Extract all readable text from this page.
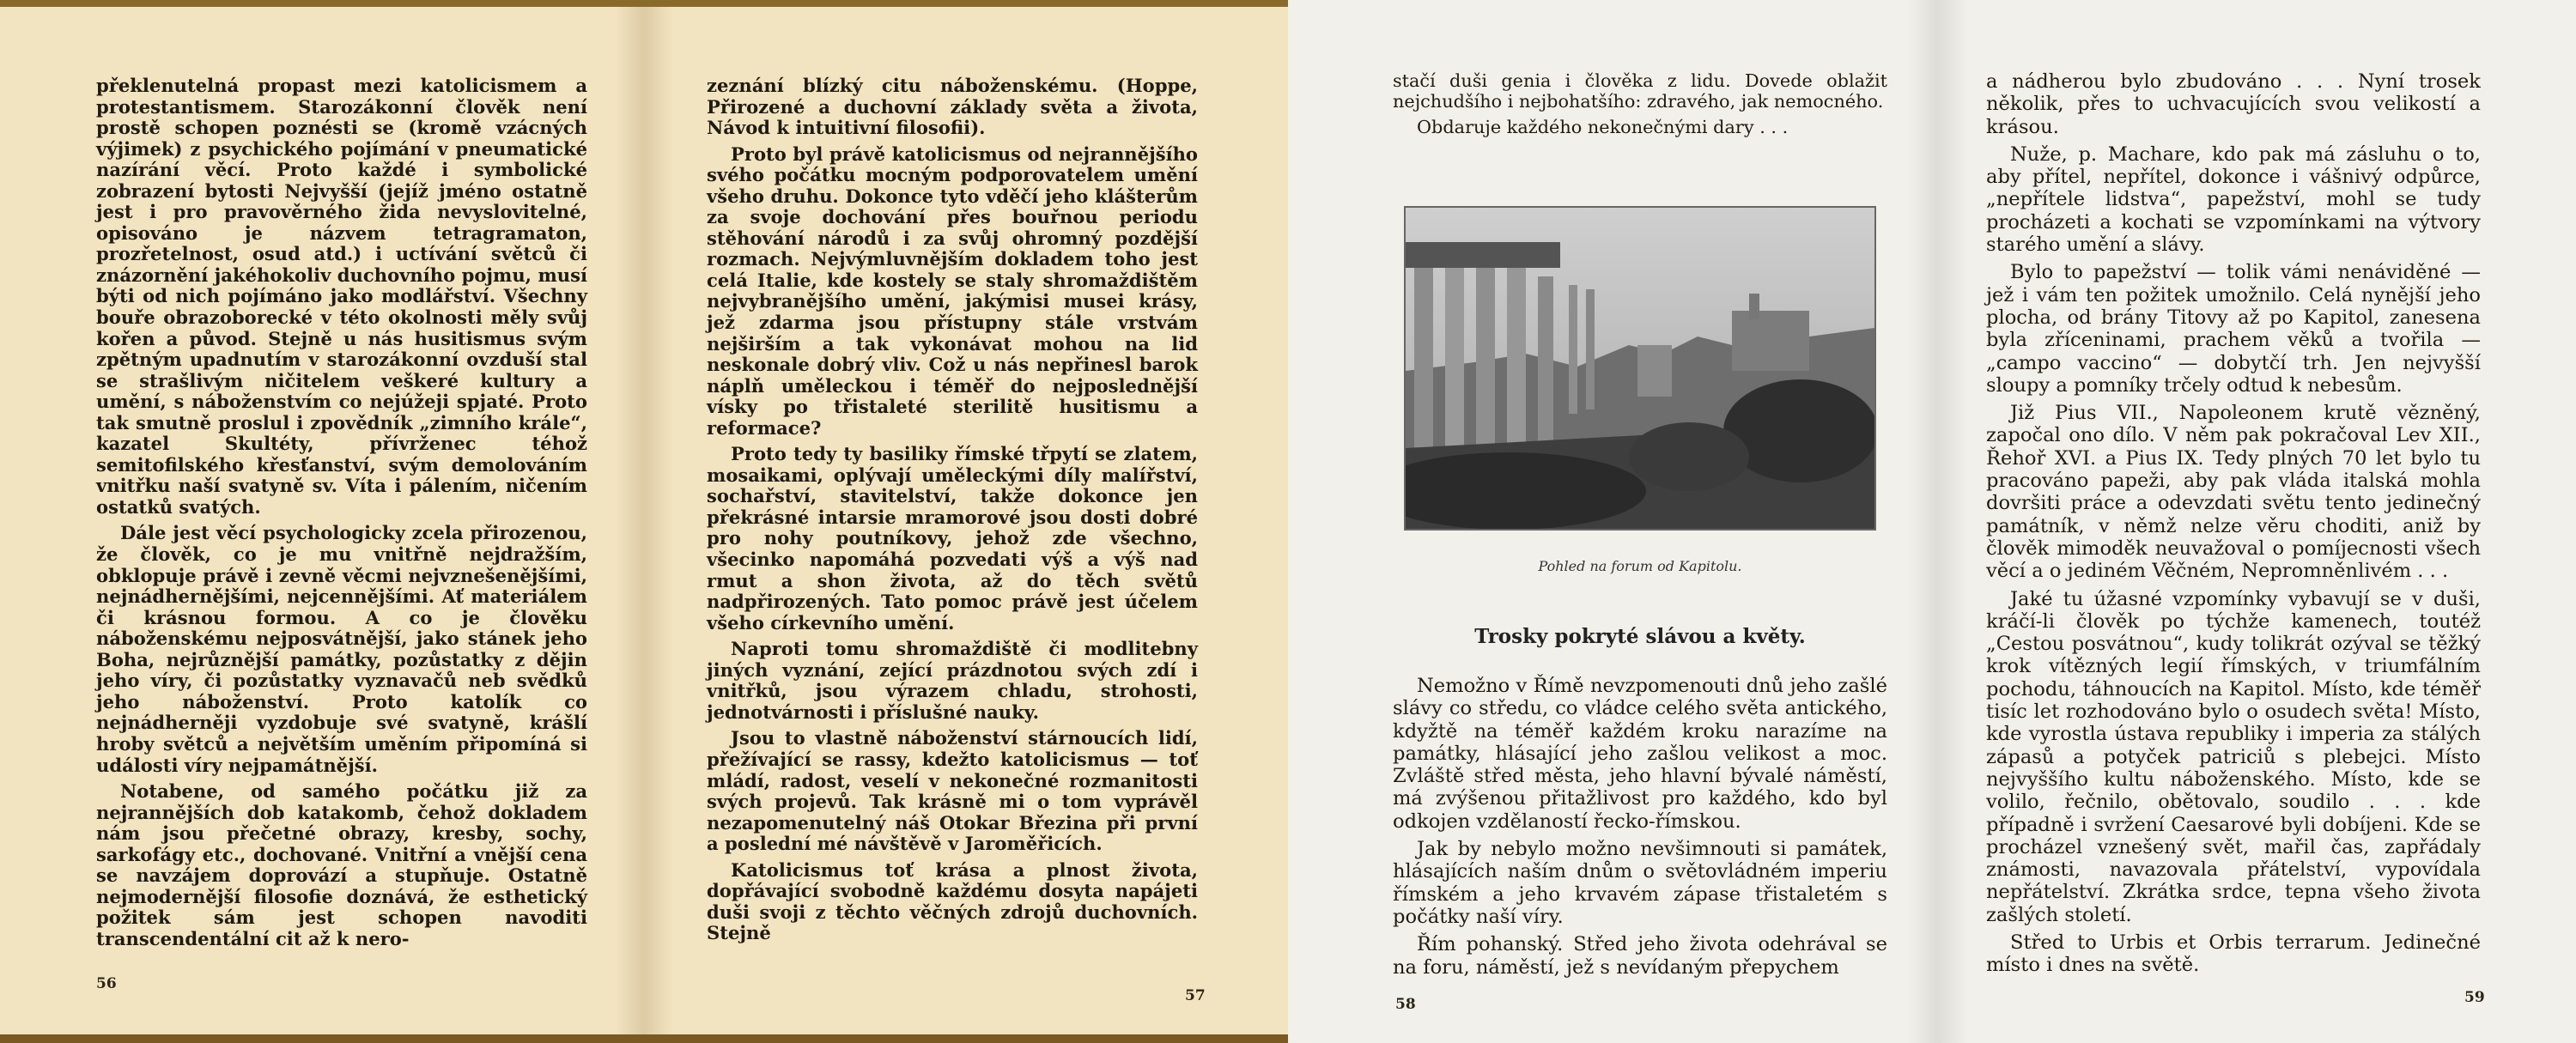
překlenutelná propast mezi katolicismem a protestantismem. Starozákonní člověk není prostě schopen poznésti se (kromě vzácných výjimek) z psychického pojímání v pneumatické nazírání věcí. Proto každé i symbolické zobrazení bytosti Nejvyšší (jejíž jméno ostatně jest i pro pravověrného žida nevyslovitelné, opisováno je názvem tetragramaton, prozřetelnost, osud atd.) i uctívání světců či znázornění jakéhokoliv duchovního pojmu, musí býti od nich pojímáno jako modlářství. Všechny bouře obrazoborecké v této okolnosti měly svůj kořen a původ. Stejně u nás husitismus svým zpětným upadnutím v starozákonní ovzduší stal se strašlivým ničitelem veškeré kultury a umění, s náboženstvím co nejúžeji spjaté. Proto tak smutně proslul i zpovědník „zimního krále“, kazatel Skultéty, přívrženec téhož semitofilského křesťanství, svým demolováním vnitřku naší svatyně sv. Víta i pálením, ničením ostatků svatých.

Dále jest věcí psychologicky zcela přirozenou, že člověk, co je mu vnitřně nejdražším, obklopuje právě i zevně věcmi nejvznešenějšími, nejnádhernějšími, nejcennějšími. Ať materiálem či krásnou formou. A co je člověku náboženskému nejposvátnější, jako stánek jeho Boha, nejrůznější památky, pozůstatky z dějin jeho víry, či pozůstatky vyznavačů neb svědků jeho náboženství. Proto katolík co nejnádherněji vyzdobuje své svatyně, krášlí hroby světců a největším uměním připomíná si události víry nejpamátnější.

Notabene, od samého počátku již za nejrannějších dob katakomb, čehož dokladem nám jsou přečetné obrazy, kresby, sochy, sarkofágy etc., dochované. Vnitřní a vnější cena se navzájem doprovází a stupňuje. Ostatně nejmodernější filosofie doznává, že esthetický požitek sám jest schopen navoditi transcendentální cit až k nero-

56

zeznání blízký citu náboženskému. (Hoppe, Přirozené a duchovní základy světa a života, Návod k intuitivní filosofii).

Proto byl právě katolicismus od nejrannějšího svého počátku mocným podporovatelem umění všeho druhu. Dokonce tyto vděčí jeho klášterům za svoje dochování přes bouřnou periodu stěhování národů i za svůj ohromný pozdější rozmach. Nejvýmluvnějším dokladem toho jest celá Italie, kde kostely se staly shromaždištěm nejvybranějšího umění, jakýmisi musei krásy, jež zdarma jsou přístupny stále vrstvám nejširším a tak vykonávat mohou na lid neskonale dobrý vliv. Což u nás nepřinesl barok náplň uměleckou i téměř do nejposlednější vísky po třistaleté sterilitě husitismu a reformace?

Proto tedy ty basiliky římské třpytí se zlatem, mosaikami, oplývají uměleckými díly malířství, sochařství, stavitelství, takže dokonce jen překrásné intarsie mramorové jsou dosti dobré pro nohy poutníkovy, jehož zde všechno, všecinko napomáhá pozvedati výš a výš nad rmut a shon života, až do těch světů nadpřirozených. Tato pomoc právě jest účelem všeho církevního umění.

Naproti tomu shromaždiště či modlitebny jiných vyznání, zející prázdnotou svých zdí i vnitřků, jsou výrazem chladu, strohosti, jednotvárnosti i příslušné nauky.

Jsou to vlastně náboženství stárnoucích lidí, přežívající se rassy, kdežto katolicismus — toť mládí, radost, veselí v nekonečné rozmanitosti svých projevů. Tak krásně mi o tom vyprávěl nezapomenutelný náš Otokar Březina při první a poslední mé návštěvě v Jaroměřicích.

Katolicismus toť krása a plnost života, dopřávající svobodně každému dosyta napájeti duši svoji z těchto věčných zdrojů duchovních. Stejně

57

stačí duši genia i člověka z lidu. Dovede oblažit nejchudšího i nejbohatšího: zdravého, jak nemocného.

Obdaruje každého nekonečnými dary . . .

Pohled na forum od Kapitolu.
Trosky pokryté slávou a květy.

Nemožno v Římě nevzpomenouti dnů jeho zašlé slávy co středu, co vládce celého světa antického, kdyžtě na téměř každém kroku narazíme na památky, hlásající jeho zašlou velikost a moc. Zvláště střed města, jeho hlavní bývalé náměstí, má zvýšenou přitažlivost pro každého, kdo byl odkojen vzdělaností řecko-římskou.

Jak by nebylo možno nevšimnouti si památek, hlásajících naším dnům o světovládném imperiu římském a jeho krvavém zápase třistaletém s počátky naší víry.

Řím pohanský. Střed jeho života odehrával se na foru, náměstí, jež s nevídaným přepychem

58

a nádherou bylo zbudováno . . . Nyní trosek několik, přes to uchvacujících svou velikostí a krásou.

Nuže, p. Machare, kdo pak má zásluhu o to, aby přítel, nepřítel, dokonce i vášnivý odpůrce, „nepřítele lidstva“, papežství, mohl se tudy procházeti a kochati se vzpomínkami na výtvory starého umění a slávy.

Bylo to papežství — tolik vámi nenáviděné — jež i vám ten požitek umožnilo. Celá nynější jeho plocha, od brány Titovy až po Kapitol, zanesena byla zříceninami, prachem věků a tvořila — „campo vaccino“ — dobytčí trh. Jen nejvyšší sloupy a pomníky trčely odtud k nebesům.

Již Pius VII., Napoleonem krutě vězněný, započal ono dílo. V něm pak pokračoval Lev XII., Řehoř XVI. a Pius IX. Tedy plných 70 let bylo tu pracováno papeži, aby pak vláda italská mohla dovršiti práce a odevzdati světu tento jedinečný památník, v němž nelze věru choditi, aniž by člověk mimoděk neuvažoval o pomíjecnosti všech věcí a o jediném Věčném, Nepromněnlivém . . .

Jaké tu úžasné vzpomínky vybavují se v duši, kráčí-li člověk po týchže kamenech, toutéž „Cestou posvátnou“, kudy tolikrát ozýval se těžký krok vítězných legií římských, v triumfálním pochodu, táhnoucích na Kapitol. Místo, kde téměř tisíc let rozhodováno bylo o osudech světa! Místo, kde vyrostla ústava republiky i imperia za stálých zápasů a potyček patriciů s plebejci. Místo nejvyššího kultu náboženského. Místo, kde se volilo, řečnilo, obětovalo, soudilo . . . kde případně i svržení Caesarové byli dobíjeni. Kde se procházel vznešený svět, mařil čas, zapřádaly známosti, navazovala přátelství, vypovídala nepřátelství. Zkrátka srdce, tepna všeho života zašlých století.

Střed to Urbis et Orbis terrarum. Jedinečné místo i dnes na světě.

59
